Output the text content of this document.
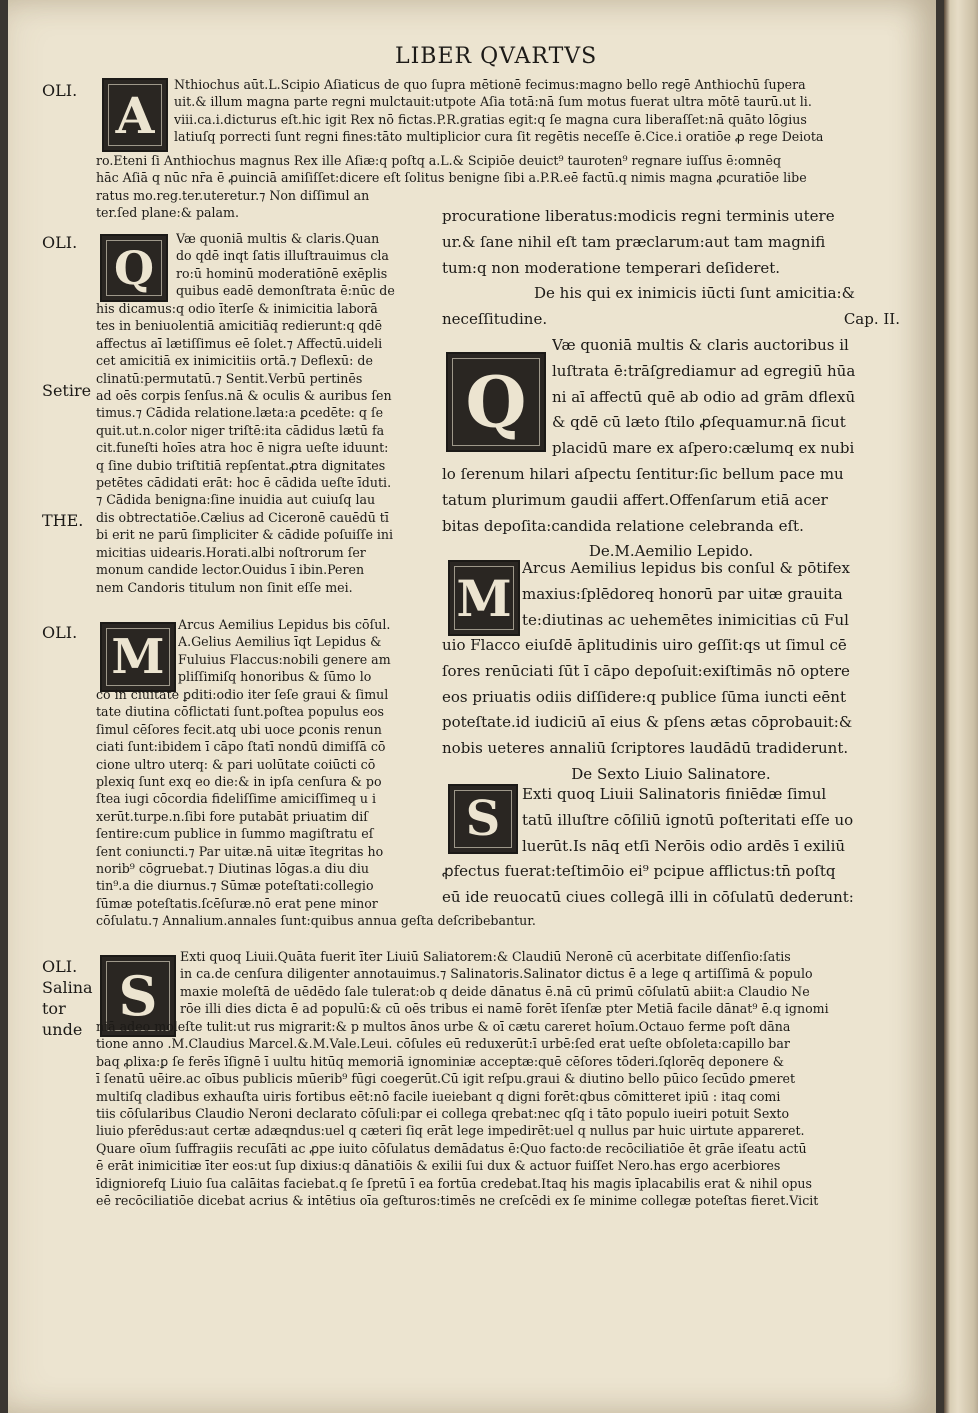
LIBER QVARTVS
OLI.
OLI.
Setire
THE.
OLI.
OLI.
Salina
tor
unde
A
Q
Q
M
M
S
S

Nthiochus aūt.L.Scipio Aſiaticus de quo ſupra mētionē fecimus:magno bello regē Anthiochū ſupera

uit.& illum magna parte regni mulctauit:utpote Aſia totā:nā ſum motus fuerat ultra mōtē taurū.ut li.

viii.ca.i.dicturus eſt.hic igit Rex nō fictas.P.R.gratias egit:q ſe magna cura liberaſſet:nā quāto lōgius

latiuſq porrecti ſunt regni fines:tāto multiplicior cura ſit regētis neceſſe ē.Cice.i oratiōe ꝓ rege Deiota

ro.Eteni ſi Anthiochus magnus Rex ille Aſiæ:q poſtq a.L.& Scipiōe deuict⁹ tauroten⁹ regnare iuſſus ē:omnēq

hāc Aſiā q nūc nr̄a ē ꝓuinciā amiſiſſet:dicere eſt ſolitus benigne ſibi a.P.R.eē factū.q nimis magna ꝓcuratiōe libe

ratus mo.reg.ter.uteretur.⁊ Non diſſimul an

ter.ſed plane:& palam.

Væ quoniā multis & claris.Quan

do qdē inqt ſatis illuſtrauimus cla

ro:ū hominū moderatiōnē exēplis

quibus eadē demonſtrata ē:nūc de

his dicamus:q odio īterſe & inimicitia laborā

tes in beniuolentiā amicitiāq redierunt:q qdē

affectus aī lætiſſimus eē ſolet.⁊ Affectū.uideli

cet amicitiā ex inimicitiis ortā.⁊ Deflexū: de

clinatū:permutatū.⁊ Sentit.Verbū pertinēs

ad oēs corpis ſenſus.nā & oculis & auribus ſen

timus.⁊ Cādida relatione.læta:a ꝑcedēte: q ſe

quit.ut.n.color niger triſtē:ita cādidus lætū fa

cit.funeſti hoīes atra hoc ē nigra ueſte iduunt:

q ſine dubio triſtitiā repſentat.ꝓtra dignitates

petētes cādidati erāt: hoc ē cādida ueſte īduti.

⁊ Cādida benigna:ſine inuidia aut cuiuſq lau

dis obtrectatiōe.Cælius ad Ciceronē cauēdū tī

bi erit ne parū ſimpliciter & cādide poſuiſſe ini

micitias uidearis.Horati.albi noſtrorum ſer

monum candide lector.Ouidus ī ibin.Peren

nem Candoris titulum non ſinit eſſe mei.

Arcus Aemilius Lepidus bis cōſul.

A.Gelius Aemilius īqt Lepidus &

Fuluius Flaccus:nobili genere am

pliſſimiſq honoribus & ſūmo lo

co in ciuitate ꝑditi:odio iter ſeſe graui & ſimul

tate diutina cōflictati ſunt.poſtea populus eos

ſimul cēſores fecit.atq ubi uoce ꝑconis renun

ciati ſunt:ibidem ī cāpo ſtatī nondū dimiſſā cō

cione ultro uterq: & pari uolūtate coiūcti cō

plexiq ſunt exq eo die:& in ipſa cenſura & po

ſtea iugi cōcordia fideliſſime amiciſſimeq u i

xerūt.turpe.n.ſibi fore putabāt priuatim diſ

ſentire:cum publice in ſummo magiſtratu eſ

ſent coniuncti.⁊ Par uitæ.nā uitæ ītegritas ho

norib⁹ cōgruebat.⁊ Diutinas lōgas.a diu diu

tin⁹.a die diurnus.⁊ Sūmæ poteſtati:collegio

ſūmæ poteſtatis.ſcēſuræ.nō erat pene minor

cōſulatu.⁊ Annalium.annales ſunt:quibus annua geſta deſcribebantur.

procuratione liberatus:modicis regni terminis utere

ur.& ſane nihil eſt tam præclarum:aut tam magnifi

tum:q non moderatione temperari deſideret.

De his qui ex inimicis iūcti ſunt amicitia:&

neceſſitudine.	Cap. II.

Væ quoniā multis & claris auctoribus il

luſtrata ē:trāſgrediamur ad egregiū hūa

ni aī affectū quē ab odio ad grām dflexū

& qdē cū læto ſtilo ꝓſequamur.nā ſicut

placidū mare ex aſpero:cælumq ex nubi

lo ſerenum hilari aſpectu ſentitur:ſic bellum pace mu

tatum plurimum gaudii affert.Offenſarum etiā acer

bitas depoſita:candida relatione celebranda eſt.

De.M.Aemilio Lepido.

Arcus Aemilius lepidus bis conſul & pōtifex

maxius:ſplēdoreq honorū par uitæ grauita

te:diutinas ac uehemētes inimicitias cū Ful

uio Flacco eiuſdē āplitudinis uiro geſſit:qs ut ſimul cē

ſores renūciati ſūt ī cāpo depoſuit:exiſtimās nō optere

eos priuatis odiis diſſidere:q publice ſūma iuncti eēnt

poteſtate.id iudiciū aī eius & pſens ætas cōprobauit:&

nobis ueteres annaliū ſcriptores laudādū tradiderunt.

De Sexto Liuio Salinatore.

Exti quoq Liuii Salinatoris finiēdæ ſimul

tatū illuſtre cōſiliū ignotū poſteritati eſſe uo

luerūt.Is nāq etſi Nerōis odio ardēs ī exiliū

ꝓfectus fuerat:teſtimōio ei⁹ pcipue afflictus:tn̄ poſtq

eū ide reuocatū ciues collegā illi in cōſulatū dederunt:

Exti quoq Liuii.Quāta fuerit īter Liuiū Saliatorem:& Claudiū Neronē cū acerbitate diſſenſio:ſatis

in ca.de cenſura diligenter annotauimus.⁊ Salinatoris.Salinator dictus ē a lege q artiſſimā & populo

maxie moleſtā de uēdēdo ſale tulerat:ob q deide dānatus ē.nā cū primū cōſulatū abiit:a Claudio Ne

rōe illi dies dicta ē ad populū:& cū oēs tribus ei namē forēt īſenſæ pter Metiā facile dānat⁹ ē.q ignomi

niā adeo moleſte tulit:ut rus migrarit:& p multos ānos urbe & oī cætu careret hoīum.Octauo ferme poſt dāna

tione anno .M.Claudius Marcel.&.M.Vale.Leui. cōſules eū reduxerūt:ī urbē:ſed erat ueſte obſoleta:capillo bar

baq ꝓlixa:ꝑ ſe ferēs īſignē ī uultu hitūq memoriā ignominiæ acceptæ:quē cēſores tōderi.ſqlorēq deponere &

ī ſenatū uēire.ac oībus publicis mūerib⁹ fūgi coegerūt.Cū igit reſpu.graui & diutino bello pūico ſecūdo ꝑmeret

multiſq cladibus exhauſta uiris fortibus eēt:nō facile iueiebant q digni forēt:qbus cōmitteret ipiū : itaq comi

tiis cōſularibus Claudio Neroni declarato cōſuli:par ei collega qrebat:nec qſq i tāto populo iueiri potuit Sexto

liuio pferēdus:aut certæ adæqndus:uel q cæteri ſiq erāt lege impedirēt:uel q nullus par huic uirtute appareret.

Quare oīum ſuffragiis recuſāti ac ꝓpe iuito cōſulatus demādatus ē:Quo facto:de recōciliatiōe ēt grāe iſeatu actū

ē erāt inimicitiæ īter eos:ut ſup dixius:q dānatiōis & exilii ſui dux & actuor fuiſſet Nero.has ergo acerbiores

īdigniorefq Liuio ſua calāitas faciebat.q ſe ſpretū ī ea fortūa credebat.Itaq his magis īplacabilis erat & nihil opus

eē recōciliatiōe dicebat acrius & intētius oīa geſturos:timēs ne creſcēdi ex ſe minime collegæ poteſtas fieret.Vicit
